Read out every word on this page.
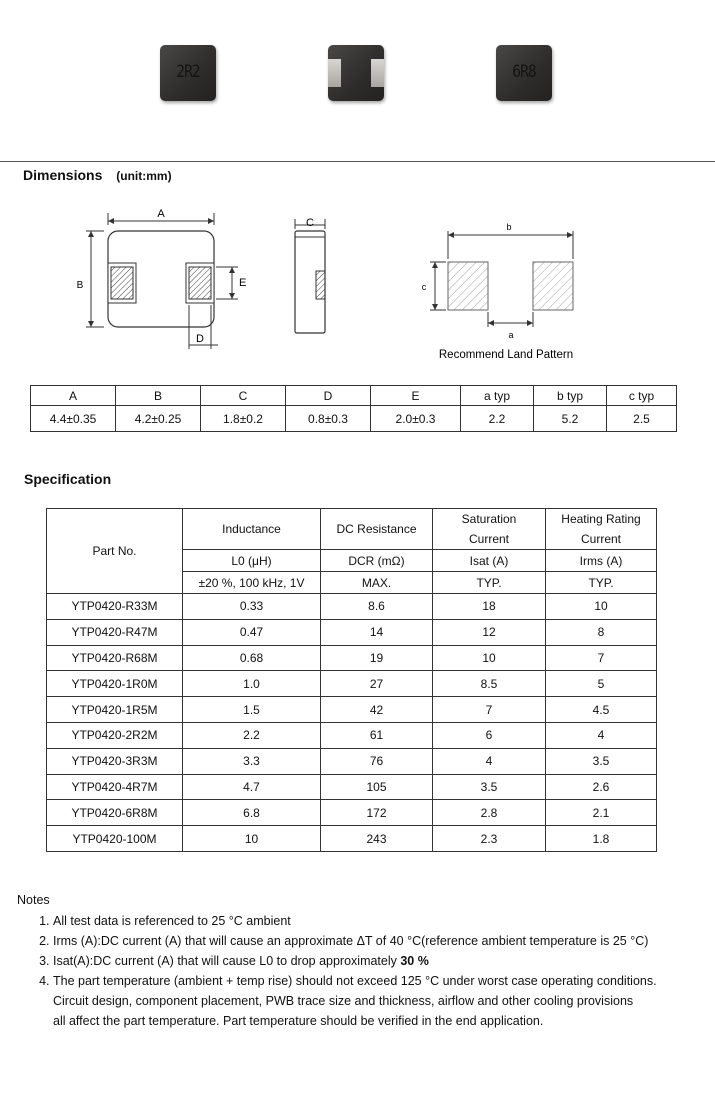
2R2	6R8
Dimensions (unit:mm)
A
B	E
D
C	b
c
a
Recommend Land Pattern
A	B	C	D	E	a typ	b typ	c typ
4.4±0.35	4.2±0.25	1.8±0.2	0.8±0.3	2.0±0.3	2.2	5.2	2.5
Specification
Part No.	Inductance	DC Resistance	Saturation Current	Heating Rating Current

	L0 (μH)	DCR (mΩ)	Isat (A)	Irms (A)
	±20 %, 100 kHz, 1V	MAX.	TYP.	TYP.
YTP0420-R33M	0.33	8.6	18	10
YTP0420-R47M	0.47	14	12	8
YTP0420-R68M	0.68	19	10	7
YTP0420-1R0M	1.0	27	8.5	5
YTP0420-1R5M	1.5	42	7	4.5
YTP0420-2R2M	2.2	61	6	4
YTP0420-3R3M	3.3	76	4	3.5
YTP0420-4R7M	4.7	105	3.5	2.6
YTP0420-6R8M	6.8	172	2.8	2.1
YTP0420-100M	10	243	2.3	1.8
Notes
1. All test data is referenced to 25 °C ambient
2. Irms (A):DC current (A) that will cause an approximate ΔT of 40 °C(reference ambient temperature is 25 °C)
3. Isat(A):DC current (A) that will cause L0 to drop approximately 30 %
4. The part temperature (ambient + temp rise) should not exceed 125 °C under worst case operating conditions.
Circuit design, component placement, PWB trace size and thickness, airflow and other cooling provisions
all affect the part temperature. Part temperature should be verified in the end application.
